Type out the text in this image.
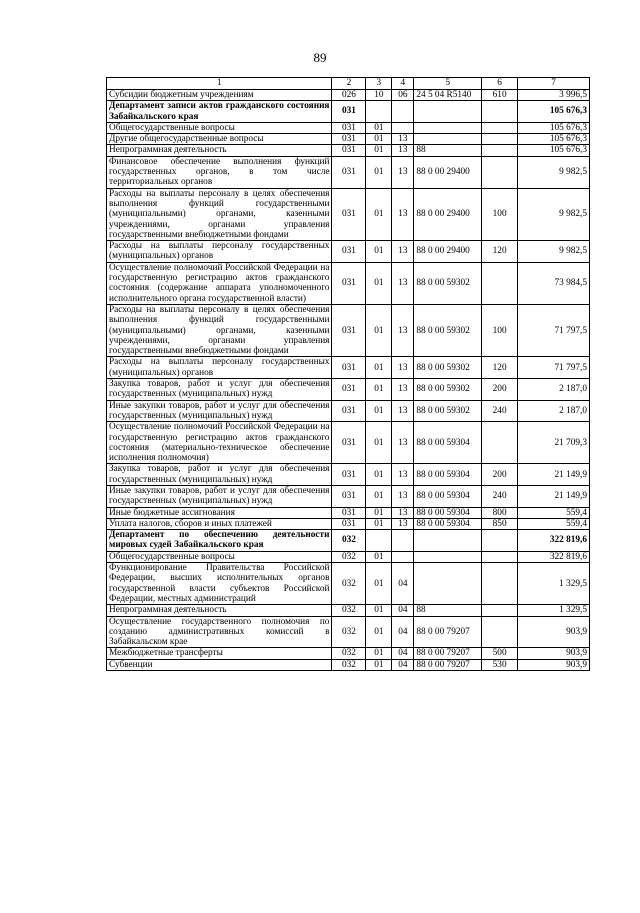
89
1	2	3	4	5	6	7
Субсидии бюджетным учреждениям	026	10	06	24 5 04 R5140	610	3 996,5
Департамент записи актов гражданского состояния Забайкальского края	031					105 676,3
Общегосударственные вопросы	031	01				105 676,3
Другие общегосударственные вопросы	031	01	13			105 676,3
Непрограммная деятельность	031	01	13	88		105 676,3
Финансовое обеспечение выполнения функций государственных органов, в том числе территориальных органов	031	01	13	88 0 00 29400		9 982,5
Расходы на выплаты персоналу в целях обеспечения выполнения функций государственными (муниципальными) органами, казенными учреждениями, органами управления государственными внебюджетными фондами	031	01	13	88 0 00 29400	100	9 982,5
Расходы на выплаты персоналу государственных (муниципальных) органов	031	01	13	88 0 00 29400	120	9 982,5
Осуществление полномочий Российской Федерации на государственную регистрацию актов гражданского состояния (содержание аппарата уполномоченного исполнительного органа государственной власти)	031	01	13	88 0 00 59302		73 984,5
Расходы на выплаты персоналу в целях обеспечения выполнения функций государственными (муниципальными) органами, казенными учреждениями, органами управления государственными внебюджетными фондами	031	01	13	88 0 00 59302	100	71 797,5
Расходы на выплаты персоналу государственных (муниципальных) органов	031	01	13	88 0 00 59302	120	71 797,5
Закупка товаров, работ и услуг для обеспечения государственных (муниципальных) нужд	031	01	13	88 0 00 59302	200	2 187,0
Иные закупки товаров, работ и услуг для обеспечения государственных (муниципальных) нужд	031	01	13	88 0 00 59302	240	2 187,0
Осуществление полномочий Российской Федерации на государственную регистрацию актов гражданского состояния (материально-техническое обеспечение исполнения полномочия)	031	01	13	88 0 00 59304		21 709,3
Закупка товаров, работ и услуг для обеспечения государственных (муниципальных) нужд	031	01	13	88 0 00 59304	200	21 149,9
Иные закупки товаров, работ и услуг для обеспечения государственных (муниципальных) нужд	031	01	13	88 0 00 59304	240	21 149,9
Иные бюджетные ассигнования	031	01	13	88 0 00 59304	800	559,4
Уплата налогов, сборов и иных платежей	031	01	13	88 0 00 59304	850	559,4
Департамент по обеспечению деятельности мировых судей Забайкальского края	032					322 819,6
Общегосударственные вопросы	032	01				322 819,6
Функционирование Правительства Российской Федерации, высших исполнительных органов государственной власти субъектов Российской Федерации, местных администраций	032	01	04			1 329,5
Непрограммная деятельность	032	01	04	88		1 329,5
Осуществление государственного полномочия по созданию административных комиссий в Забайкальском крае	032	01	04	88 0 00 79207		903,9
Межбюджетные трансферты	032	01	04	88 0 00 79207	500	903,9
Субвенции	032	01	04	88 0 00 79207	530	903,9
